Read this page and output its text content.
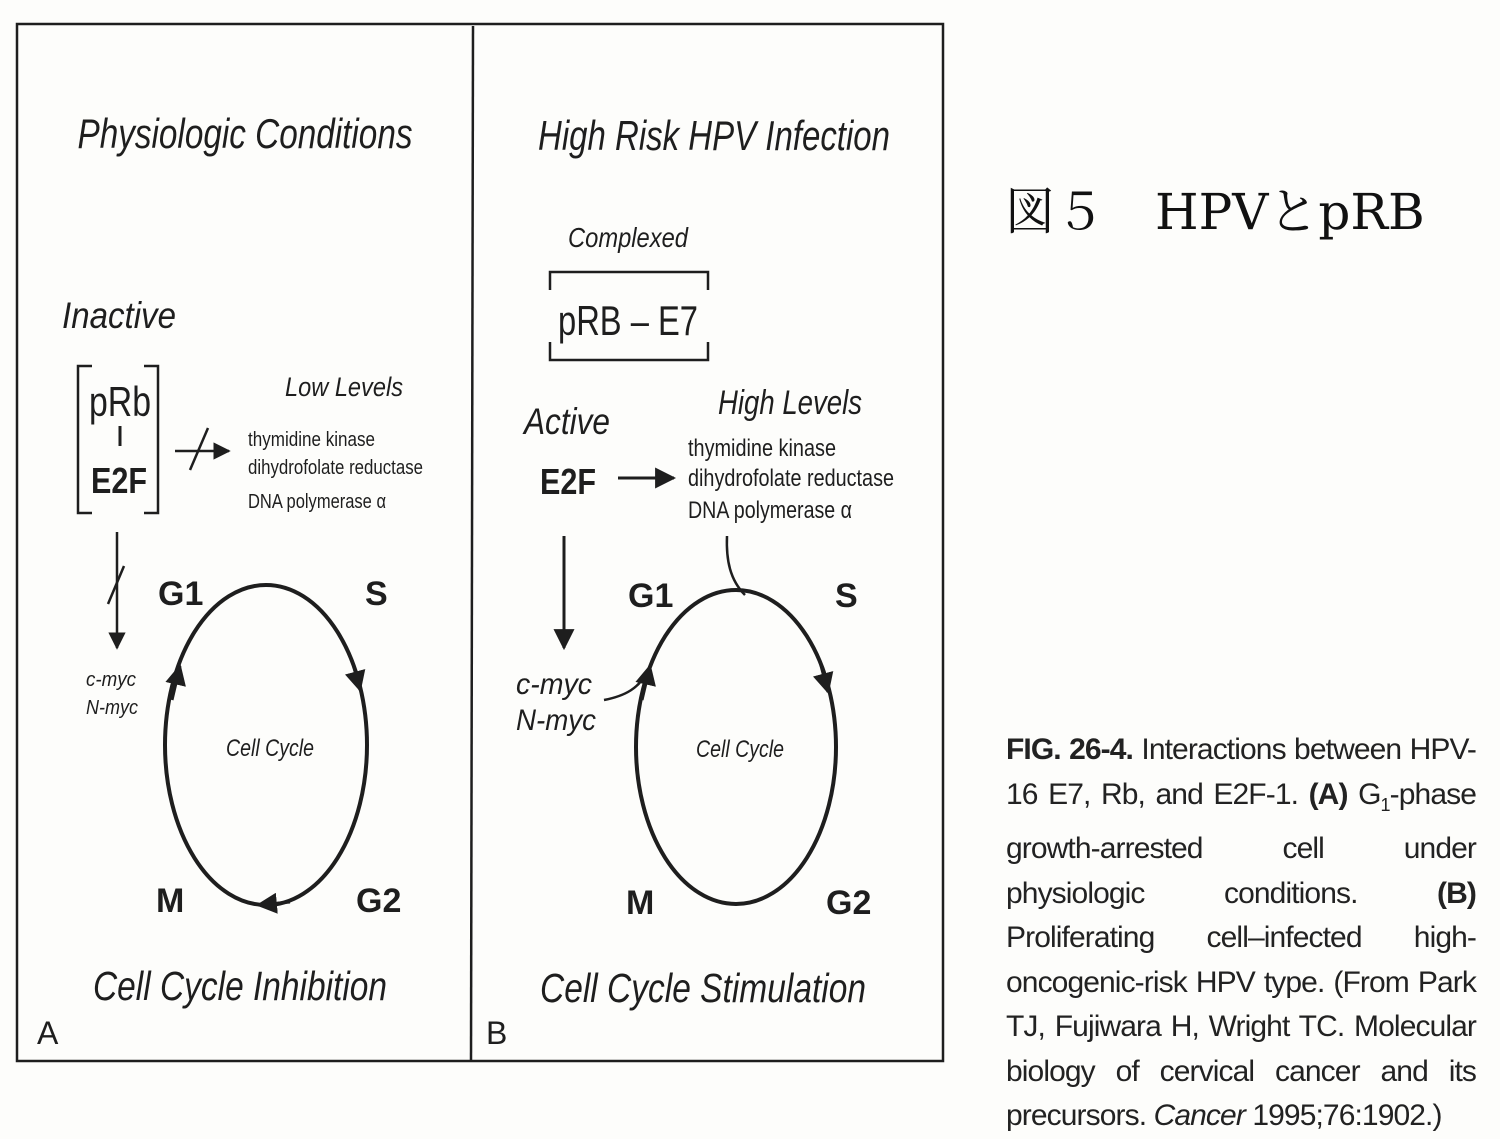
Physiologic Conditions
Inactive
pRb
E2F
Low Levels
thymidine kinase
dihydrofolate reductase
DNA polymerase α
c-myc
N-myc
Cell Cycle
G1	S
M	G2
Cell Cycle Inhibition
A
High Risk HPV Infection
Complexed
pRB – E7
Active
E2F
High Levels
thymidine kinase
dihydrofolate reductase
DNA polymerase α
c-myc
N-myc
Cell Cycle
G1	S
M	G2
Cell Cycle Stimulation
B
図５　HPVとpRB
FIG. 26-4. Interactions between HPV-16 E7, Rb, and E2F-1. (A) $G_1$-phase growth-arrested cell under physiologic conditions.	(B) Proliferating cell–infected high-oncogenic-risk HPV type. (From Park TJ, Fujiwara H, Wright TC. Molecular biology of cervical cancer and its precursors. Cancer 1995;76:1902.)
